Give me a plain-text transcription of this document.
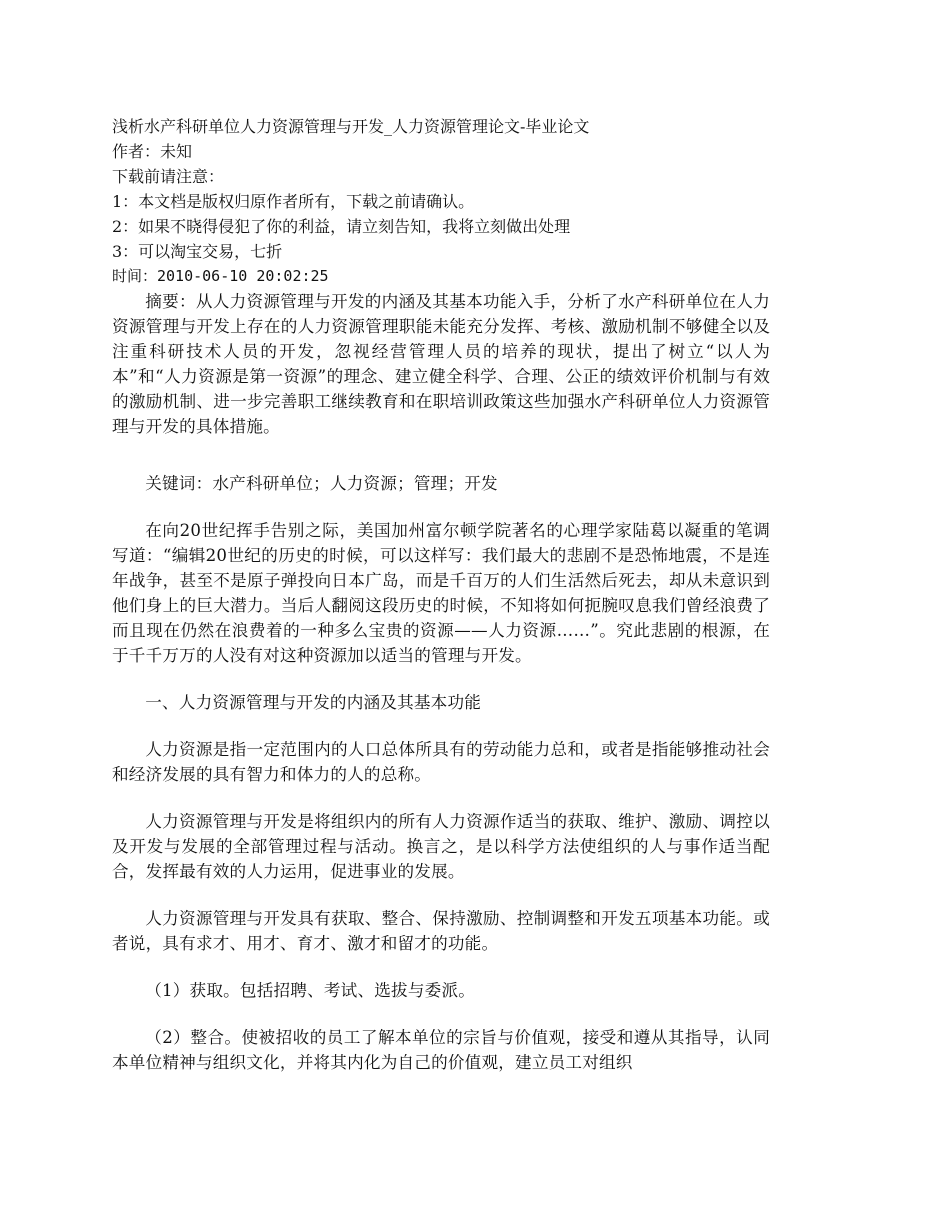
浅析水产科研单位人力资源管理与开发_人力资源管理论文-毕业论文
作者：未知
下载前请注意：
1：本文档是版权归原作者所有，下载之前请确认。
2：如果不晓得侵犯了你的利益，请立刻告知，我将立刻做出处理
3：可以淘宝交易，七折
时间：2010-06-10 20:02:25

摘要：从人力资源管理与开发的内涵及其基本功能入手，分析了水产科研单位在人力资源管理与开发上存在的人力资源管理职能未能充分发挥、考核、激励机制不够健全以及注重科研技术人员的开发，忽视经营管理人员的培养的现状，提出了树立“以人为本”和“人力资源是第一资源”的理念、建立健全科学、合理、公正的绩效评价机制与有效的激励机制、进一步完善职工继续教育和在职培训政策这些加强水产科研单位人力资源管理与开发的具体措施。

关键词：水产科研单位；人力资源；管理；开发

在向20世纪挥手告别之际，美国加州富尔顿学院著名的心理学家陆葛以凝重的笔调写道：“编辑20世纪的历史的时候，可以这样写：我们最大的悲剧不是恐怖地震，不是连年战争，甚至不是原子弹投向日本广岛，而是千百万的人们生活然后死去，却从未意识到他们身上的巨大潜力。当后人翻阅这段历史的时候，不知将如何扼腕叹息我们曾经浪费了而且现在仍然在浪费着的一种多么宝贵的资源——人力资源……”。究此悲剧的根源，在于千千万万的人没有对这种资源加以适当的管理与开发。

一、人力资源管理与开发的内涵及其基本功能

人力资源是指一定范围内的人口总体所具有的劳动能力总和，或者是指能够推动社会和经济发展的具有智力和体力的人的总称。

人力资源管理与开发是将组织内的所有人力资源作适当的获取、维护、激励、调控以及开发与发展的全部管理过程与活动。换言之，是以科学方法使组织的人与事作适当配合，发挥最有效的人力运用，促进事业的发展。

人力资源管理与开发具有获取、整合、保持激励、控制调整和开发五项基本功能。或者说，具有求才、用才、育才、激才和留才的功能。

（1）获取。包括招聘、考试、选拔与委派。

（2）整合。使被招收的员工了解本单位的宗旨与价值观，接受和遵从其指导，认同本单位精神与组织文化，并将其内化为自己的价值观，建立员工对组织
